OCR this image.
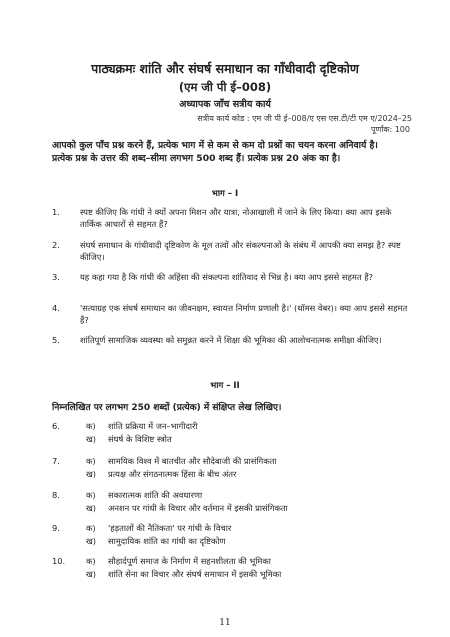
पाठ्यक्रमः शांति और संघर्ष समाधान का गाँधीवादी दृष्टिकोण
(एम जी पी ई–008)
अध्यापक जाँच सत्रीय कार्य
सत्रीय कार्य कोड : एम जी पी ई–008/ए एस एस.टी/टी एम ए/2024–25
पूर्णांक: 100
आपको कुल पाँच प्रश्न करने हैं, प्रत्येक भाग में से कम से कम दो प्रश्नों का चयन करना अनिवार्य है। प्रत्येक प्रश्न के उत्तर की शब्द–सीमा लगभग 500 शब्द हैं। प्रत्येक प्रश्न 20 अंक का है।
भाग – I
1.	स्पष्ट कीजिए कि गांधी ने क्यों अपना मिशन और यात्रा, नोआखाली में जाने के लिए किया। क्या आप इसके तार्किक आधारों से सहमत हैं?
2.	संघर्ष समाधान के गांधीवादी दृष्टिकोण के मूल तत्वों और संकल्पनाओं के संबंध में आपकी क्या समझ है? स्पष्ट कीजिए।
3.	यह कहा गया है कि गांधी की अहिंसा की संकल्पना शांतिवाद से भिन्न है। क्या आप इससे सहमत हैं?
4.	'सत्याग्रह एक संघर्ष समाधान का जीवनक्षम, स्वायत्त निर्माण प्रणाली है।' (थॉमस वेबर)। क्या आप इससे सहमत हैं?
5.	शांतिपूर्ण सामाजिक व्यवस्था को समुन्नत करने में शिक्षा की भूमिका की आलोचनात्मक समीक्षा कीजिए।
भाग – II
निम्नलिखित पर लगभग 250 शब्दों (प्रत्येक) में संक्षिप्त लेख लिखिए।
6.	क) शांति प्रक्रिया में जन–भागीदारी
ख) संघर्ष के विशिष्ट स्त्रोत
7.	क) सामयिक विश्व में बातचीत और सौदेबाजी की प्रासंगिकता
ख) प्रत्यक्ष और संगठनात्मक हिंसा के बीच अंतर
8.	क) सकारात्मक शांति की अवधारणा
ख) अनशन पर गांधी के विचार और वर्तमान में इसकी प्रासंगिकता
9.	क) 'हड़तालों की नैतिकता' पर गांधी के विचार
ख) सामुदायिक शांति का गांधी का दृष्टिकोण
10.	क) सौहार्दपूर्ण समाज के निर्माण में सहनशीलता की भूमिका
ख) शांति सेना का विचार और संघर्ष समाधान में इसकी भूमिका
11
